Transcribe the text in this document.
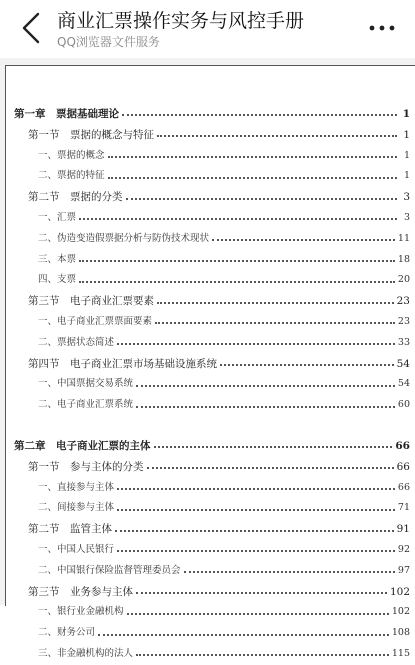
商业汇票操作实务与风控手册
QQ浏览器文件服务
第一章　票据基础理论	1
第一节　票据的概念与特征	1
一、票据的概念	1
二、票据的特征	1
第二节　票据的分类	3
一、汇票	3
二、伪造变造假票据分析与防伪技术现状	11
三、本票	18
四、支票	20
第三节　电子商业汇票要素	23
一、电子商业汇票票面要素	23
二、票据状态简述	33
第四节　电子商业汇票市场基础设施系统	54
一、中国票据交易系统	54
二、电子商业汇票系统	60
第二章　电子商业汇票的主体	66
第一节　参与主体的分类	66
一、直接参与主体	66
二、间接参与主体	71
第二节　监管主体	91
一、中国人民银行	92
二、中国银行保险监督管理委员会	97
第三节　业务参与主体	102
一、银行业金融机构	102
二、财务公司	108
三、非金融机构的法人	115
